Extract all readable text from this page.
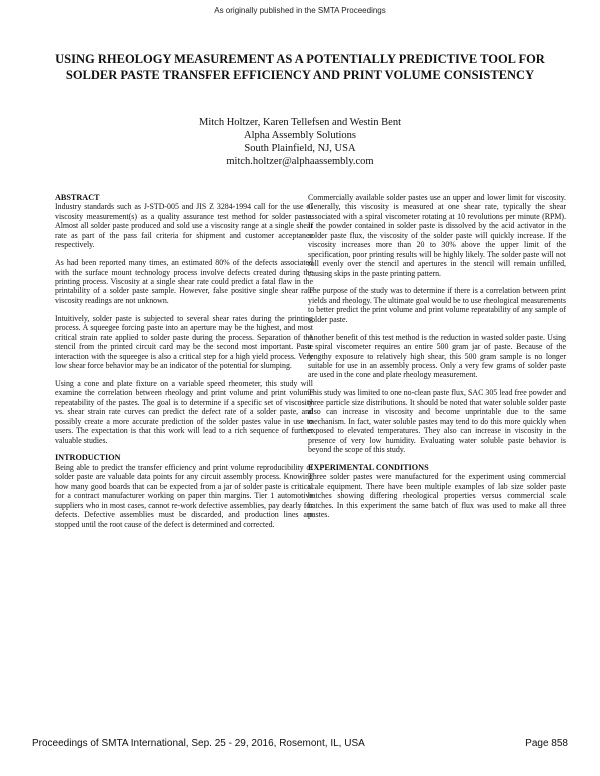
As originally published in the SMTA Proceedings
USING RHEOLOGY MEASUREMENT AS A POTENTIALLY PREDICTIVE TOOL FOR SOLDER PASTE TRANSFER EFFICIENCY AND PRINT VOLUME CONSISTENCY
Mitch Holtzer, Karen Tellefsen and Westin Bent
Alpha Assembly Solutions
South Plainfield, NJ, USA
mitch.holtzer@alphaassembly.com
ABSTRACT

Industry standards such as J-STD-005 and JIS Z 3284-1994 call for the use of viscosity measurement(s) as a quality assurance test method for solder paste. Almost all solder paste produced and sold use a viscosity range at a single shear rate as part of the pass fail criteria for shipment and customer acceptance respectively.

As had been reported many times, an estimated 80% of the defects associated with the surface mount technology process involve defects created during the printing process. Viscosity at a single shear rate could predict a fatal flaw in the printability of a solder paste sample. However, false positive single shear rate viscosity readings are not unknown.

Intuitively, solder paste is subjected to several shear rates during the printing process. A squeegee forcing paste into an aperture may be the highest, and most critical strain rate applied to solder paste during the process. Separation of the stencil from the printed circuit card may be the second most important. Paste interaction with the squeegee is also a critical step for a high yield process. Very low shear force behavior may be an indicator of the potential for slumping.

Using a cone and plate fixture on a variable speed rheometer, this study will examine the correlation between rheology and print volume and print volume repeatability of the pastes. The goal is to determine if a specific set of viscosity vs. shear strain rate curves can predict the defect rate of a solder paste, and possibly create a more accurate prediction of the solder pastes value in use to users. The expectation is that this work will lead to a rich sequence of further valuable studies.

INTRODUCTION

Being able to predict the transfer efficiency and print volume reproducibility of solder paste are valuable data points for any circuit assembly process. Knowing how many good boards that can be expected from a jar of solder paste is critical for a contract manufacturer working on paper thin margins. Tier 1 automotive suppliers who in most cases, cannot re-work defective assemblies, pay dearly for defects. Defective assemblies must be discarded, and production lines are stopped until the root cause of the defect is determined and corrected.

Commercially available solder pastes use an upper and lower limit for viscosity. Generally, this viscosity is measured at one shear rate, typically the shear associated with a spiral viscometer rotating at 10 revolutions per minute (RPM). If the powder contained in solder paste is dissolved by the acid activator in the solder paste flux, the viscosity of the solder paste will quickly increase. If the viscosity increases more than 20 to 30% above the upper limit of the specification, poor printing results will be highly likely. The solder paste will not roll evenly over the stencil and apertures in the stencil will remain unfilled, causing skips in the paste printing pattern.

The purpose of the study was to determine if there is a correlation between print yields and rheology. The ultimate goal would be to use rheological measurements to better predict the print volume and print volume repeatability of any sample of solder paste.

Another benefit of this test method is the reduction in wasted solder paste. Using a spiral viscometer requires an entire 500 gram jar of paste. Because of the lengthy exposure to relatively high shear, this 500 gram sample is no longer suitable for use in an assembly process. Only a very few grams of solder paste are used in the cone and plate rheology measurement.

This study was limited to one no-clean paste flux, SAC 305 lead free powder and three particle size distributions. It should be noted that water soluble solder paste also can increase in viscosity and become unprintable due to the same mechanism. In fact, water soluble pastes may tend to do this more quickly when exposed to elevated temperatures. They also can increase in viscosity in the presence of very low humidity. Evaluating water soluble paste behavior is beyond the scope of this study.

EXPERIMENTAL CONDITIONS

Three solder pastes were manufactured for the experiment using commercial scale equipment. There have been multiple examples of lab size solder paste batches showing differing rheological properties versus commercial scale batches. In this experiment the same batch of flux was used to make all three pastes.

Proceedings of SMTA International, Sep. 25 - 29, 2016, Rosemont, IL, USA	Page 858
